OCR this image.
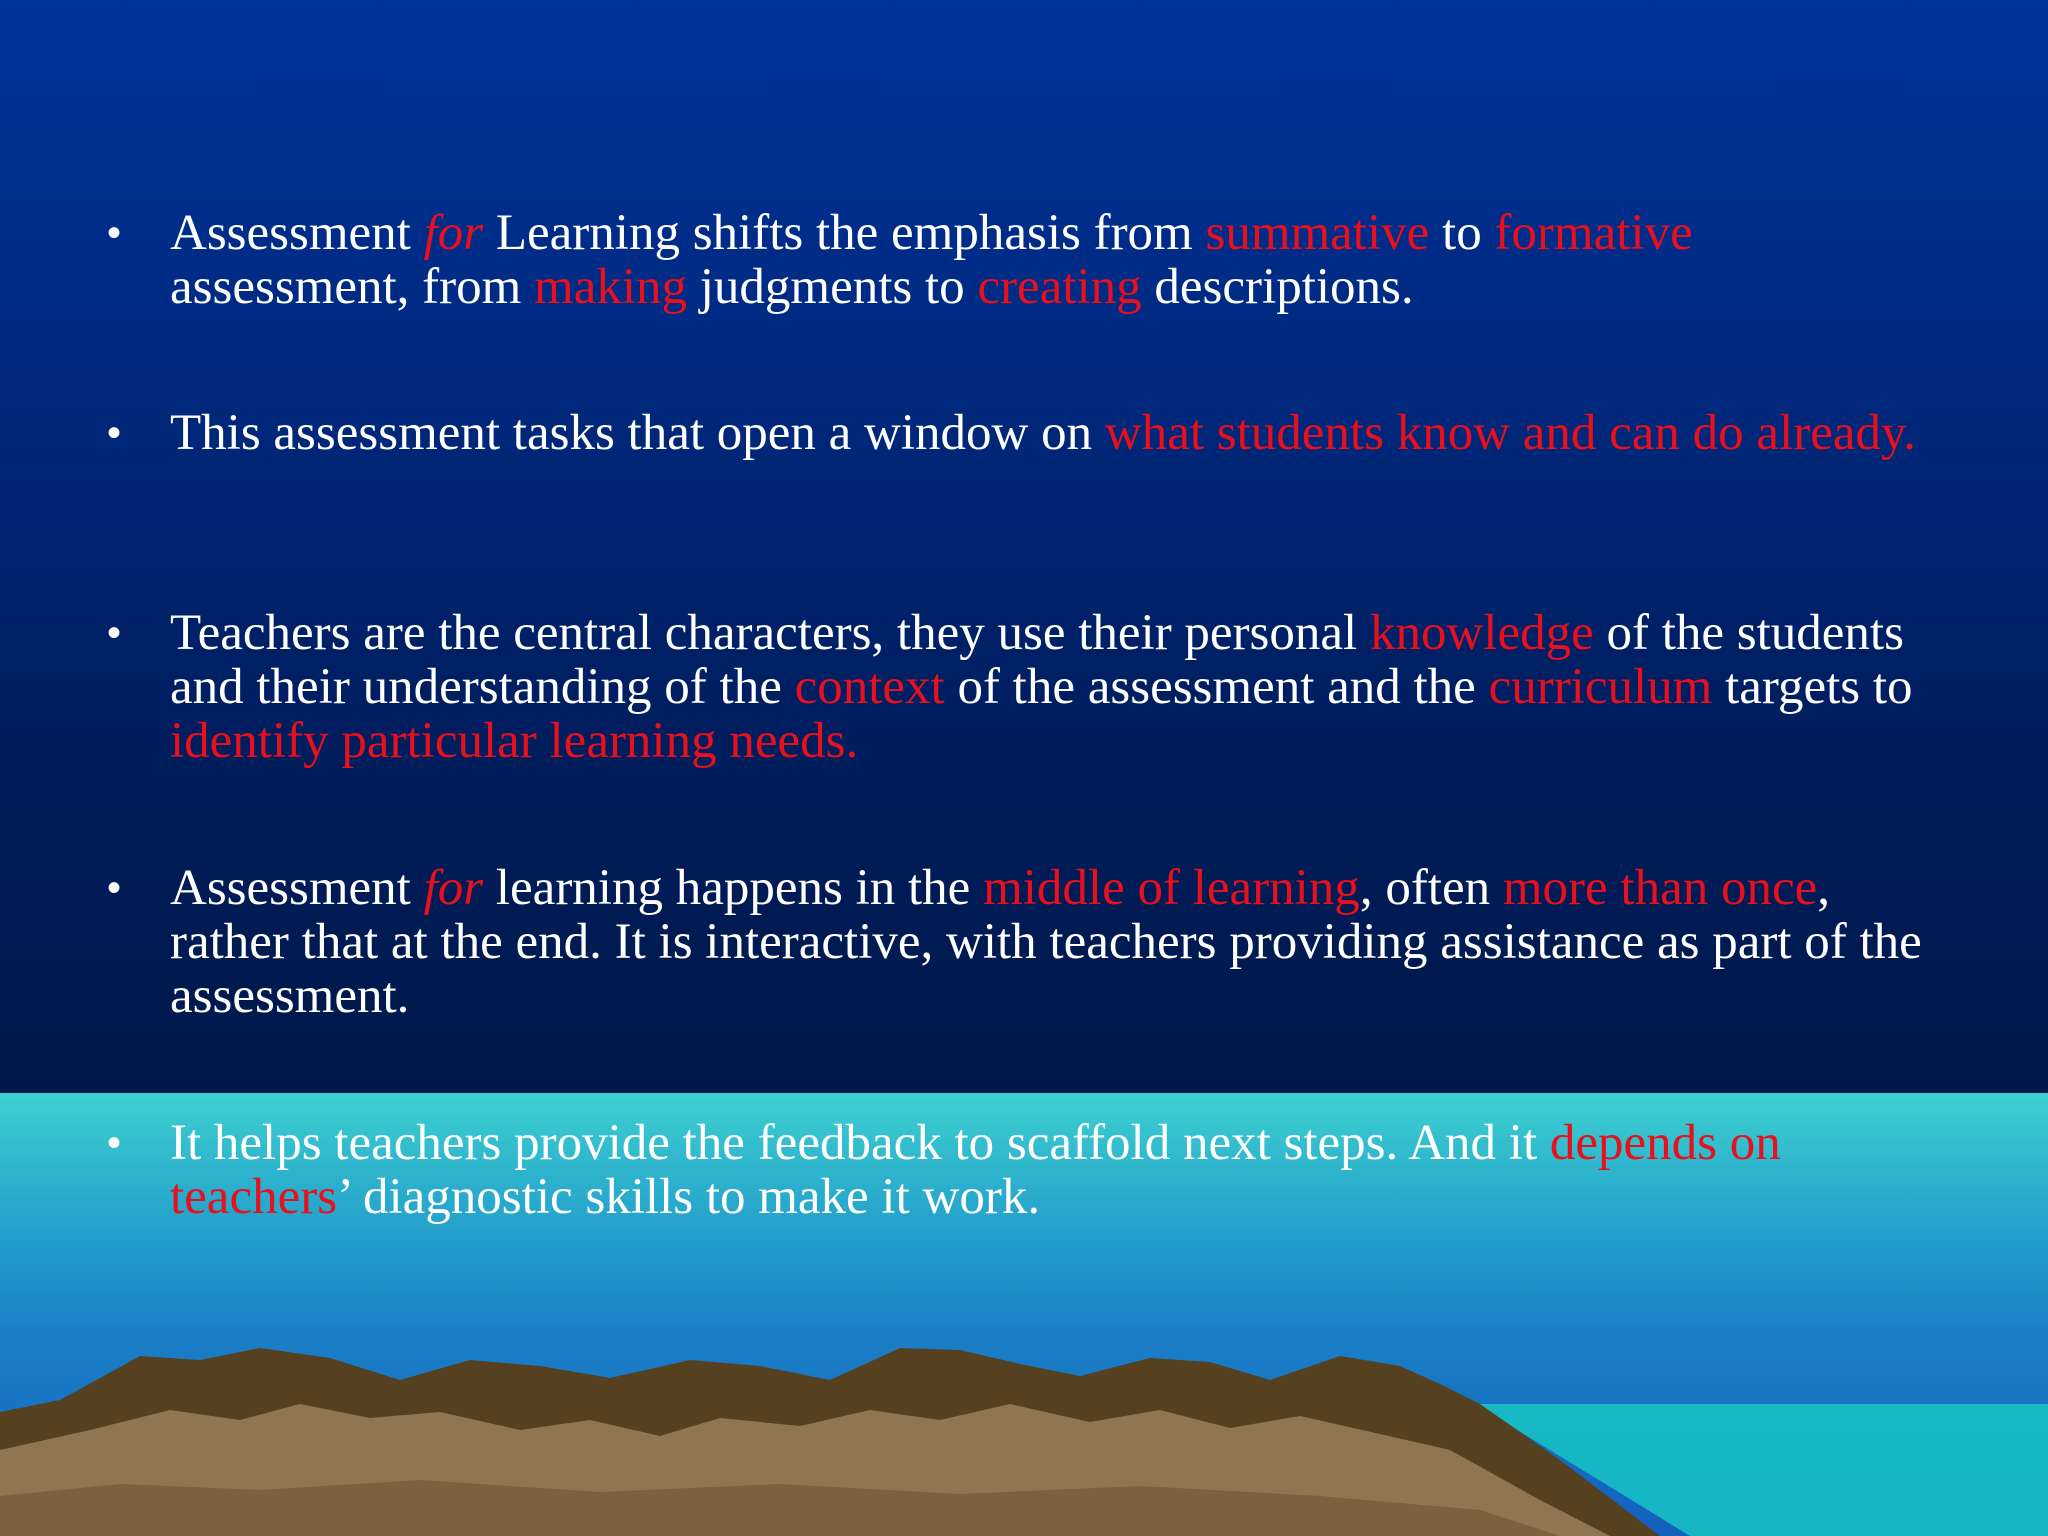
• Assessment for Learning shifts the emphasis from summative to formative assessment, from making judgments to creating descriptions.
• This assessment tasks that open a window on what students know and can do already.
• Teachers are the central characters, they use their personal knowledge of the students and their understanding of the context of the assessment and the curriculum targets to identify particular learning needs.
• Assessment for learning happens in the middle of learning, often more than once, rather that at the end. It is interactive, with teachers providing assistance as part of the assessment.
• It helps teachers provide the feedback to scaffold next steps. And it depends on teachers’ diagnostic skills to make it work.
